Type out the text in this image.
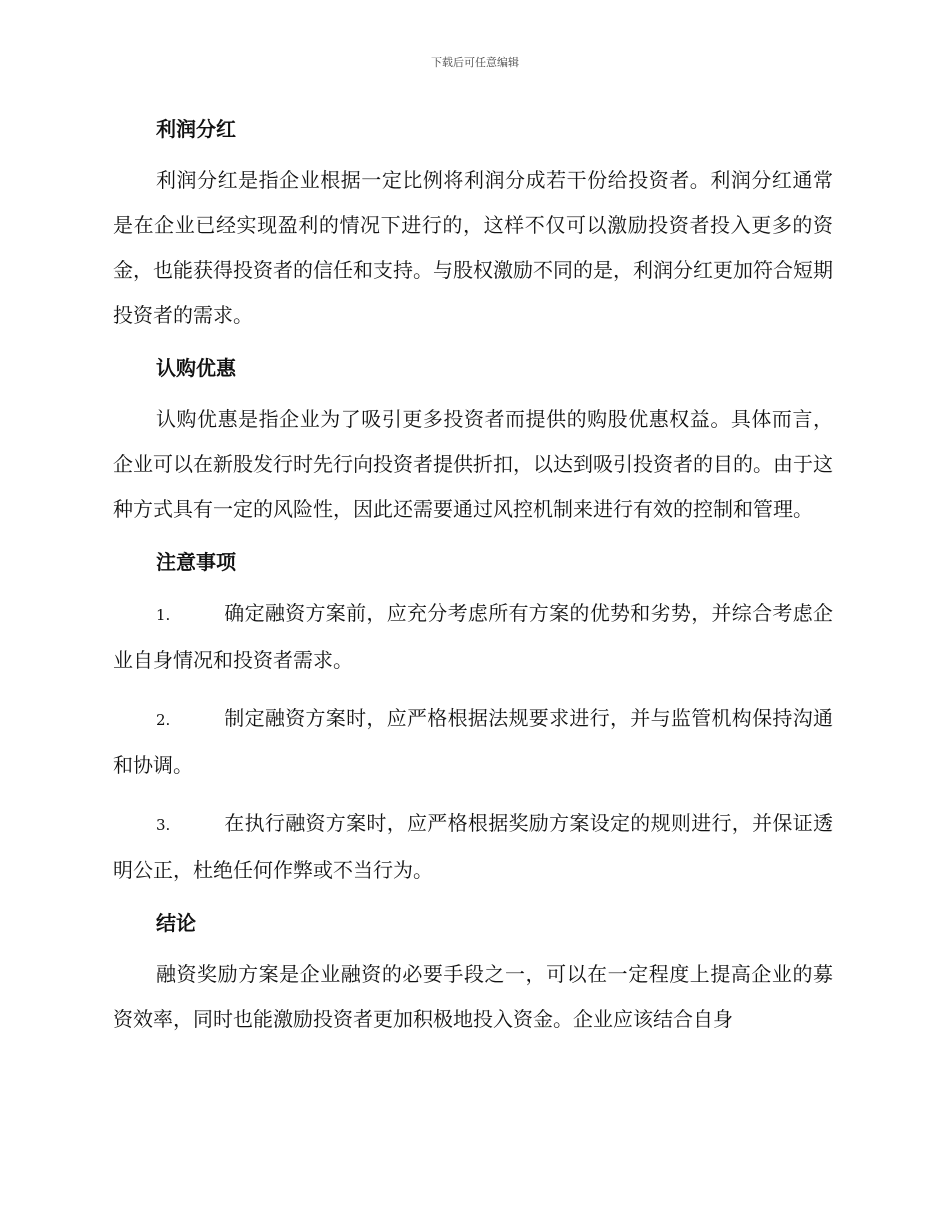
下载后可任意编辑
利润分红

利润分红是指企业根据一定比例将利润分成若干份给投资者。利润分红通常是在企业已经实现盈利的情况下进行的，这样不仅可以激励投资者投入更多的资金，也能获得投资者的信任和支持。与股权激励不同的是，利润分红更加符合短期投资者的需求。

认购优惠

认购优惠是指企业为了吸引更多投资者而提供的购股优惠权益。具体而言，企业可以在新股发行时先行向投资者提供折扣，以达到吸引投资者的目的。由于这种方式具有一定的风险性，因此还需要通过风控机制来进行有效的控制和管理。

注意事项

1.	确定融资方案前，应充分考虑所有方案的优势和劣势，并综合考虑企业自身情况和投资者需求。

2.	制定融资方案时，应严格根据法规要求进行，并与监管机构保持沟通和协调。

3.	在执行融资方案时，应严格根据奖励方案设定的规则进行，并保证透明公正，杜绝任何作弊或不当行为。

结论

融资奖励方案是企业融资的必要手段之一，可以在一定程度上提高企业的募资效率，同时也能激励投资者更加积极地投入资金。企业应该结合自身
